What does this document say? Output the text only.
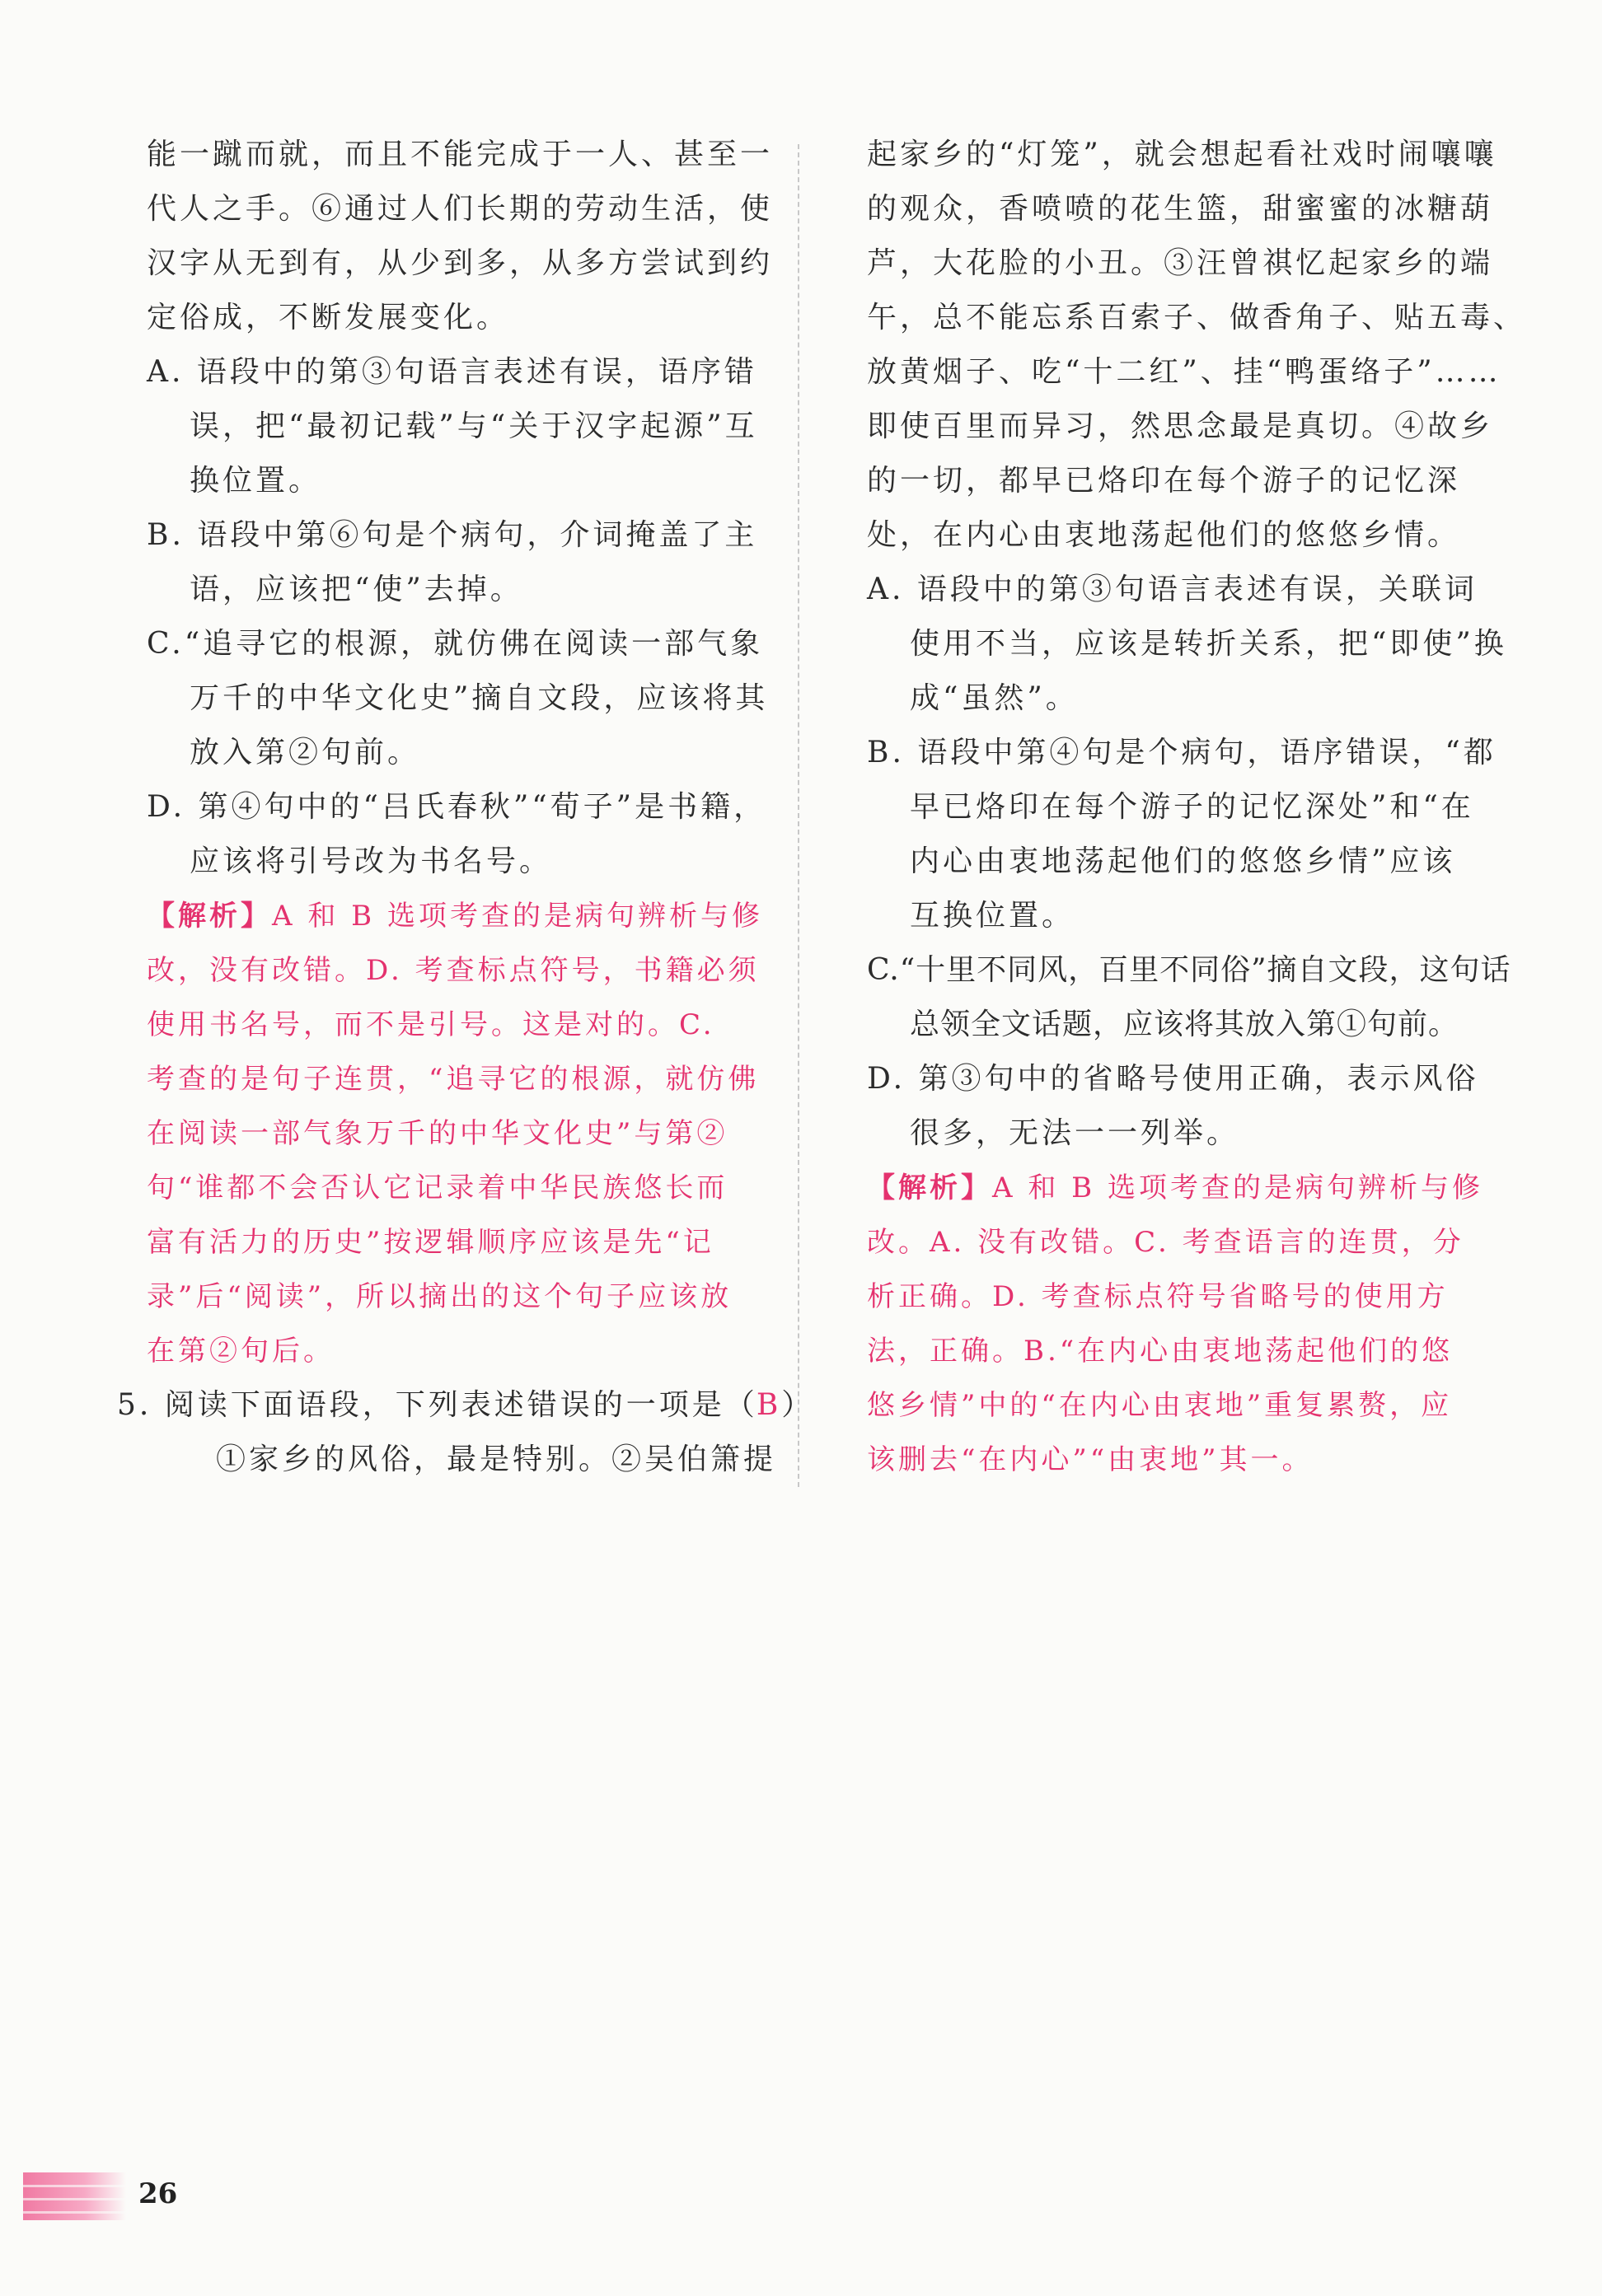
能一蹴而就，而且不能完成于一人、甚至一
代人之手。⑥通过人们长期的劳动生活，使
汉字从无到有，从少到多，从多方尝试到约
定俗成，不断发展变化。
A. 语段中的第③句语言表述有误，语序错
误，把“最初记载”与“关于汉字起源”互
换位置。
B. 语段中第⑥句是个病句，介词掩盖了主
语，应该把“使”去掉。
C.“追寻它的根源，就仿佛在阅读一部气象
万千的中华文化史”摘自文段，应该将其
放入第②句前。
D. 第④句中的“吕氏春秋”“荀子”是书籍，
应该将引号改为书名号。
【解析】A 和 B 选项考查的是病句辨析与修
改，没有改错。D. 考查标点符号，书籍必须
使用书名号，而不是引号。这是对的。C.
考查的是句子连贯，“追寻它的根源，就仿佛
在阅读一部气象万千的中华文化史”与第②
句“谁都不会否认它记录着中华民族悠长而
富有活力的历史”按逻辑顺序应该是先“记
录”后“阅读”，所以摘出的这个句子应该放
在第②句后。
5. 阅读下面语段，下列表述错误的一项是（B）
①家乡的风俗，最是特别。②吴伯箫提
起家乡的“灯笼”，就会想起看社戏时闹嚷嚷
的观众，香喷喷的花生篮，甜蜜蜜的冰糖葫
芦，大花脸的小丑。③汪曾祺忆起家乡的端
午，总不能忘系百索子、做香角子、贴五毒、
放黄烟子、吃“十二红”、挂“鸭蛋络子”……
即使百里而异习，然思念最是真切。④故乡
的一切，都早已烙印在每个游子的记忆深
处，在内心由衷地荡起他们的悠悠乡情。
A. 语段中的第③句语言表述有误，关联词
使用不当，应该是转折关系，把“即使”换
成“虽然”。
B. 语段中第④句是个病句，语序错误，“都
早已烙印在每个游子的记忆深处”和“在
内心由衷地荡起他们的悠悠乡情”应该
互换位置。
C.“十里不同风，百里不同俗”摘自文段，这句话
总领全文话题，应该将其放入第①句前。
D. 第③句中的省略号使用正确，表示风俗
很多，无法一一列举。
【解析】A 和 B 选项考查的是病句辨析与修
改。A. 没有改错。C. 考查语言的连贯，分
析正确。D. 考查标点符号省略号的使用方
法，正确。B.“在内心由衷地荡起他们的悠
悠乡情”中的“在内心由衷地”重复累赘，应
该删去“在内心”“由衷地”其一。
26
